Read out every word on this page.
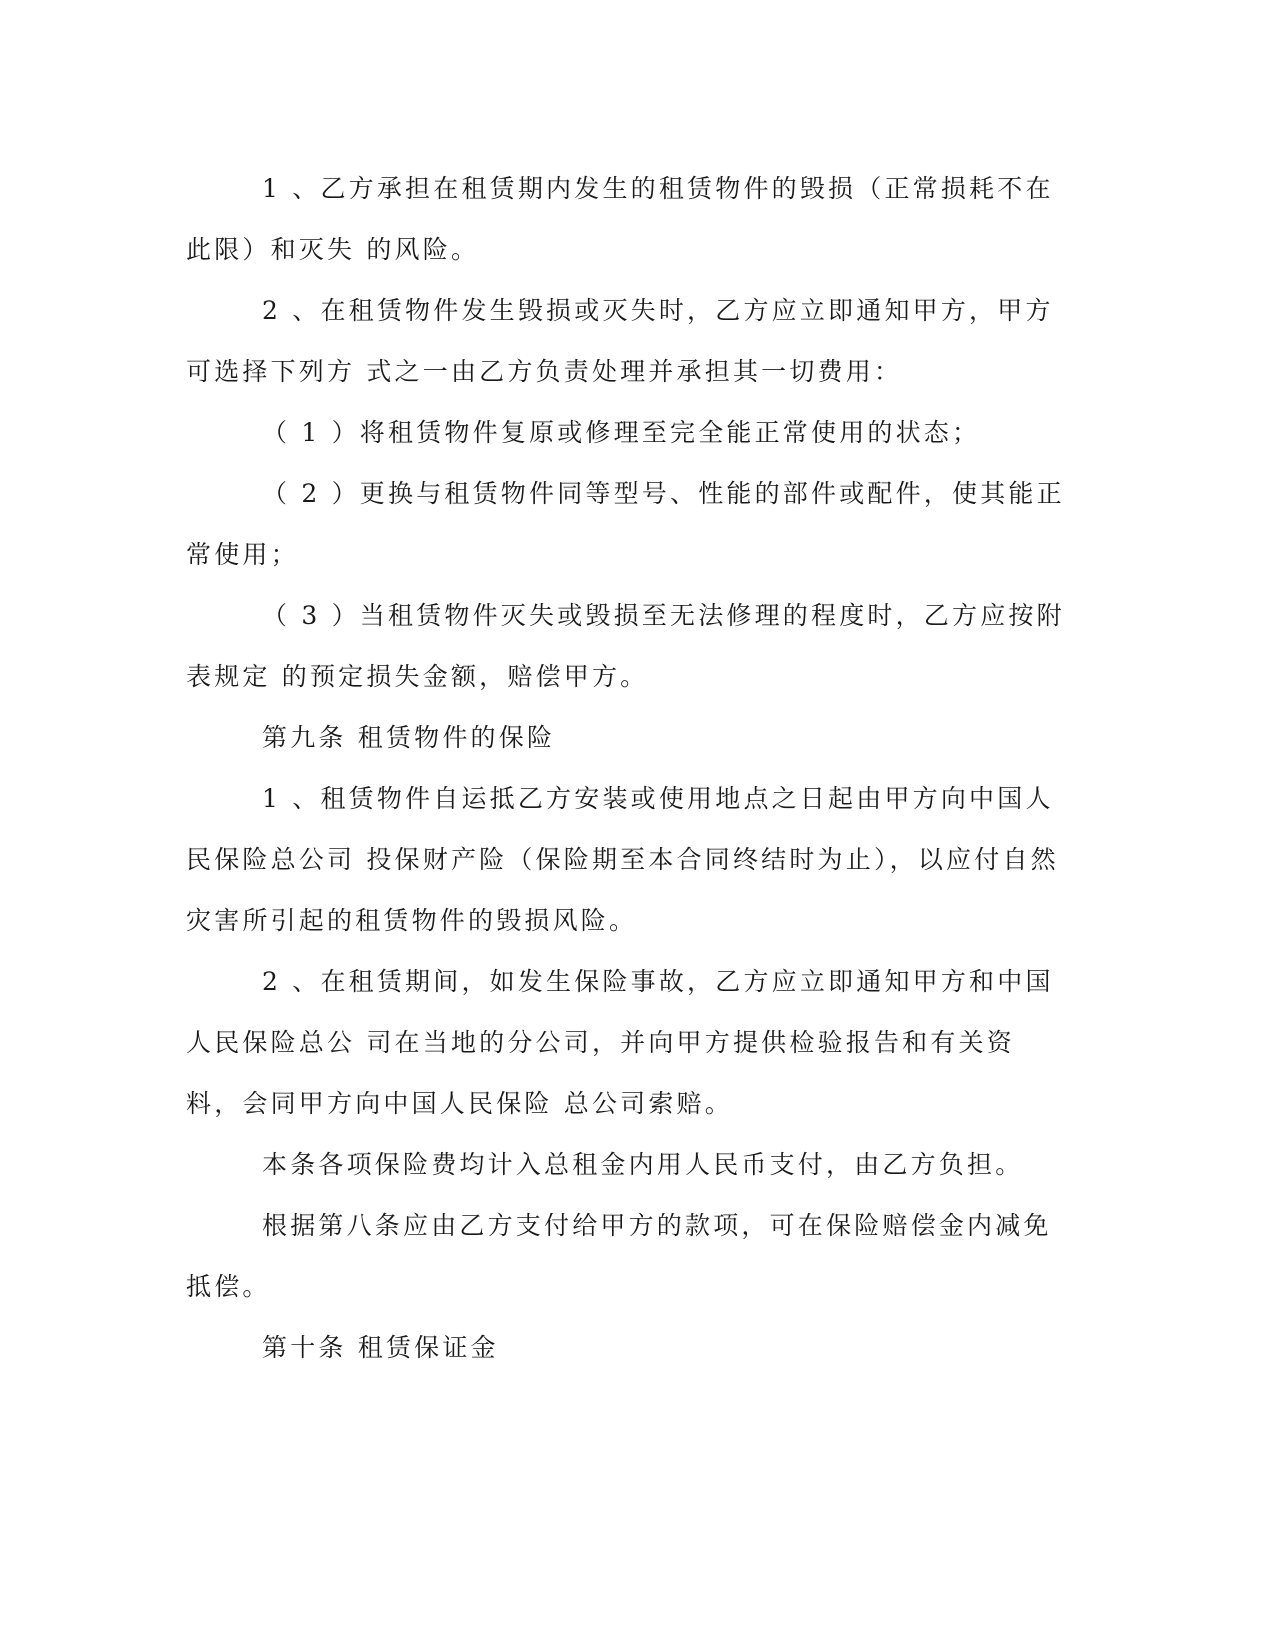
1 、乙方承担在租赁期内发生的租赁物件的毁损（正常损耗不在此限）和灭失 的风险。

2 、在租赁物件发生毁损或灭失时，乙方应立即通知甲方，甲方可选择下列方 式之一由乙方负责处理并承担其一切费用：

（ 1 ）将租赁物件复原或修理至完全能正常使用的状态；

（ 2 ）更换与租赁物件同等型号、性能的部件或配件，使其能正常使用；

（ 3 ）当租赁物件灭失或毁损至无法修理的程度时，乙方应按附表规定 的预定损失金额，赔偿甲方。

第九条 租赁物件的保险

1 、租赁物件自运抵乙方安装或使用地点之日起由甲方向中国人民保险总公司 投保财产险（保险期至本合同终结时为止），以应付自然灾害所引起的租赁物件的毁损风险。

2 、在租赁期间，如发生保险事故，乙方应立即通知甲方和中国人民保险总公 司在当地的分公司，并向甲方提供检验报告和有关资料，会同甲方向中国人民保险 总公司索赔。

本条各项保险费均计入总租金内用人民币支付，由乙方负担。

根据第八条应由乙方支付给甲方的款项，可在保险赔偿金内减免抵偿。

第十条 租赁保证金
